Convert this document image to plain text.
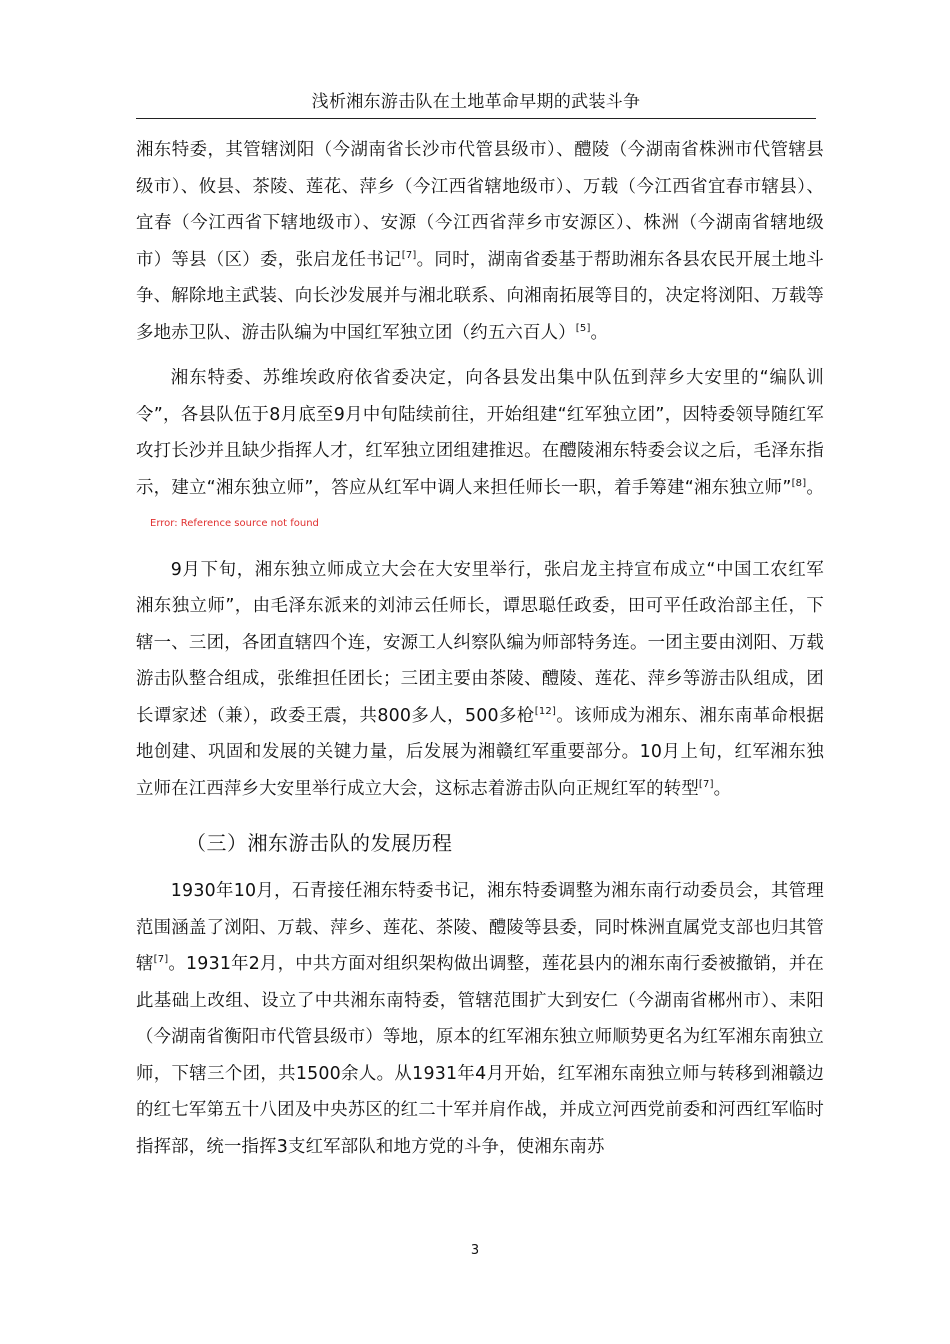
浅析湘东游击队在土地革命早期的武装斗争

湘东特委，其管辖浏阳（今湖南省长沙市代管县级市）、醴陵（今湖南省株洲市代管辖县级市）、攸县、茶陵、莲花、萍乡（今江西省辖地级市）、万载（今江西省宜春市辖县）、宜春（今江西省下辖地级市）、安源（今江西省萍乡市安源区）、株洲（今湖南省辖地级市）等县（区）委，张启龙任书记[7]。同时，湖南省委基于帮助湘东各县农民开展土地斗争、解除地主武装、向长沙发展并与湘北联系、向湘南拓展等目的，决定将浏阳、万载等多地赤卫队、游击队编为中国红军独立团（约五六百人）[5]。

湘东特委、苏维埃政府依省委决定，向各县发出集中队伍到萍乡大安里的“编队训令”，各县队伍于8月底至9月中旬陆续前往，开始组建“红军独立团”，因特委领导随红军攻打长沙并且缺少指挥人才，红军独立团组建推迟。在醴陵湘东特委会议之后，毛泽东指示，建立“湘东独立师”，答应从红军中调人来担任师长一职，着手筹建“湘东独立师”[8]。Error: Reference source not found

9月下旬，湘东独立师成立大会在大安里举行，张启龙主持宣布成立“中国工农红军湘东独立师”，由毛泽东派来的刘沛云任师长，谭思聪任政委，田可平任政治部主任，下辖一、三团，各团直辖四个连，安源工人纠察队编为师部特务连。一团主要由浏阳、万载游击队整合组成，张维担任团长；三团主要由茶陵、醴陵、莲花、萍乡等游击队组成，团长谭家述（兼），政委王震，共800多人，500多枪[12]。该师成为湘东、湘东南革命根据地创建、巩固和发展的关键力量，后发展为湘赣红军重要部分。10月上旬，红军湘东独立师在江西萍乡大安里举行成立大会，这标志着游击队向正规红军的转型[7]。

（三）湘东游击队的发展历程

1930年10月，石青接任湘东特委书记，湘东特委调整为湘东南行动委员会，其管理范围涵盖了浏阳、万载、萍乡、莲花、茶陵、醴陵等县委，同时株洲直属党支部也归其管辖[7]。1931年2月，中共方面对组织架构做出调整，莲花县内的湘东南行委被撤销，并在此基础上改组、设立了中共湘东南特委，管辖范围扩大到安仁（今湖南省郴州市）、耒阳（今湖南省衡阳市代管县级市）等地，原本的红军湘东独立师顺势更名为红军湘东南独立师，下辖三个团，共1500余人。从1931年4月开始，红军湘东南独立师与转移到湘赣边的红七军第五十八团及中央苏区的红二十军并肩作战，并成立河西党前委和河西红军临时指挥部，统一指挥3支红军部队和地方党的斗争，使湘东南苏

3
